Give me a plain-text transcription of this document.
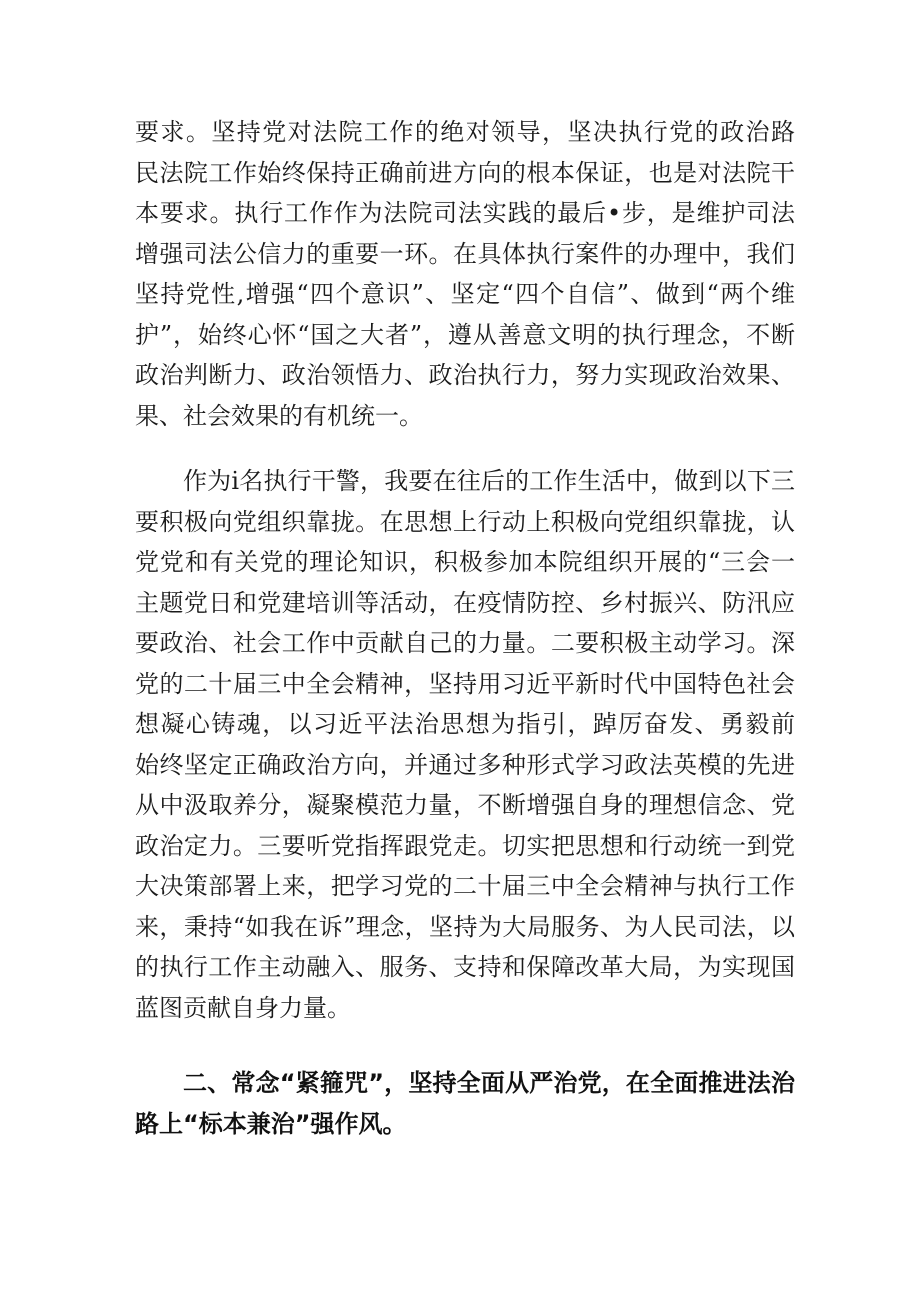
要求。坚持党对法院工作的绝对领导，坚决执行党的政治路
民法院工作始终保持正确前进方向的根本保证，也是对法院干
本要求。执行工作作为法院司法实践的最后•步，是维护司法
增强司法公信力的重要一环。在具体执行案件的办理中，我们
坚持党性,增强“四个意识”、坚定“四个自信”、做到“两个维
护”，始终心怀“国之大者”，遵从善意文明的执行理念，不断
政治判断力、政治领悟力、政治执行力，努力实现政治效果、
果、社会效果的有机统一。
作为i名执行干警，我要在往后的工作生活中，做到以下三
要积极向党组织靠拢。在思想上行动上积极向党组织靠拢，认
党党和有关党的理论知识，积极参加本院组织开展的“三会一
主题党日和党建培训等活动，在疫情防控、乡村振兴、防汛应
要政治、社会工作中贡献自己的力量。二要积极主动学习。深
党的二十届三中全会精神，坚持用习近平新时代中国特色社会
想凝心铸魂，以习近平法治思想为指引，踔厉奋发、勇毅前
始终坚定正确政治方向，并通过多种形式学习政法英模的先进
从中汲取养分，凝聚模范力量，不断增强自身的理想信念、党
政治定力。三要听党指挥跟党走。切实把思想和行动统一到党
大决策部署上来，把学习党的二十届三中全会精神与执行工作
来，秉持“如我在诉”理念，坚持为大局服务、为人民司法，以
的执行工作主动融入、服务、支持和保障改革大局，为实现国
蓝图贡献自身力量。
二、常念“紧箍咒”，坚持全面从严治党，在全面推进法治
路上“标本兼治”强作风。
